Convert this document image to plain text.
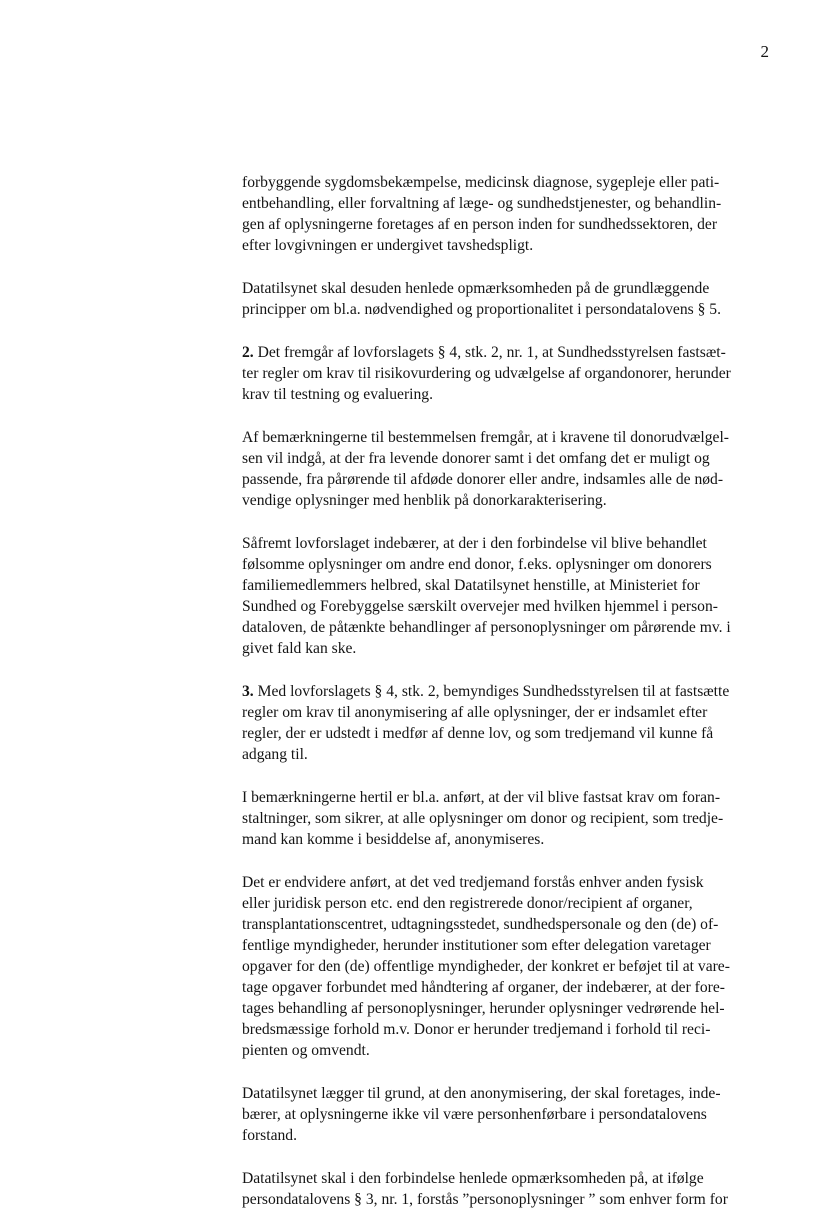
2

forbyggende sygdomsbekæmpelse, medicinsk diagnose, sygepleje eller pati-
entbehandling, eller forvaltning af læge- og sundhedstjenester, og behandlin-
gen af oplysningerne foretages af en person inden for sundhedssektoren, der
efter lovgivningen er undergivet tavshedspligt.

Datatilsynet skal desuden henlede opmærksomheden på de grundlæggende
principper om bl.a. nødvendighed og proportionalitet i persondatalovens § 5.

2. Det fremgår af lovforslagets § 4, stk. 2, nr. 1, at Sundhedsstyrelsen fastsæt-
ter regler om krav til risikovurdering og udvælgelse af organdonorer, herunder
krav til testning og evaluering.

Af bemærkningerne til bestemmelsen fremgår, at i kravene til donorudvælgel-
sen vil indgå, at der fra levende donorer samt i det omfang det er muligt og
passende, fra pårørende til afdøde donorer eller andre, indsamles alle de nød-
vendige oplysninger med henblik på donorkarakterisering.

Såfremt lovforslaget indebærer, at der i den forbindelse vil blive behandlet
følsomme oplysninger om andre end donor, f.eks. oplysninger om donorers
familiemedlemmers helbred, skal Datatilsynet henstille, at Ministeriet for
Sundhed og Forebyggelse særskilt overvejer med hvilken hjemmel i person-
dataloven, de påtænkte behandlinger af personoplysninger om pårørende mv. i
givet fald kan ske.

3. Med lovforslagets § 4, stk. 2, bemyndiges Sundhedsstyrelsen til at fastsætte
regler om krav til anonymisering af alle oplysninger, der er indsamlet efter
regler, der er udstedt i medfør af denne lov, og som tredjemand vil kunne få
adgang til.

I bemærkningerne hertil er bl.a. anført, at der vil blive fastsat krav om foran-
staltninger, som sikrer, at alle oplysninger om donor og recipient, som tredje-
mand kan komme i besiddelse af, anonymiseres.

Det er endvidere anført, at det ved tredjemand forstås enhver anden fysisk
eller juridisk person etc. end den registrerede donor/recipient af organer,
transplantationscentret, udtagningsstedet, sundhedspersonale og den (de) of-
fentlige myndigheder, herunder institutioner som efter delegation varetager
opgaver for den (de) offentlige myndigheder, der konkret er beføjet til at vare-
tage opgaver forbundet med håndtering af organer, der indebærer, at der fore-
tages behandling af personoplysninger, herunder oplysninger vedrørende hel-
bredsmæssige forhold m.v. Donor er herunder tredjemand i forhold til reci-
pienten og omvendt.

Datatilsynet lægger til grund, at den anonymisering, der skal foretages, inde-
bærer, at oplysningerne ikke vil være personhenførbare i persondatalovens
forstand.

Datatilsynet skal i den forbindelse henlede opmærksomheden på, at ifølge
persondatalovens § 3, nr. 1, forstås ”personoplysninger ” som enhver form for
